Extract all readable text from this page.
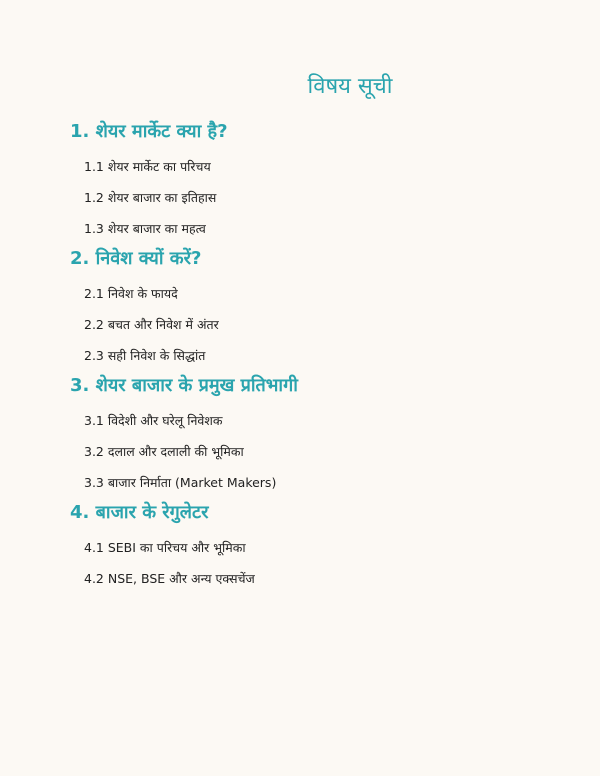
विषय सूची
1. शेयर मार्केट क्या है?
1.1 शेयर मार्केट का परिचय
1.2 शेयर बाजार का इतिहास
1.3 शेयर बाजार का महत्व
2. निवेश क्यों करें?
2.1 निवेश के फायदे
2.2 बचत और निवेश में अंतर
2.3 सही निवेश के सिद्धांत
3. शेयर बाजार के प्रमुख प्रतिभागी
3.1 विदेशी और घरेलू निवेशक
3.2 दलाल और दलाली की भूमिका
3.3 बाजार निर्माता (Market Makers)
4. बाजार के रेगुलेटर
4.1 SEBI का परिचय और भूमिका
4.2 NSE, BSE और अन्य एक्सचेंज
